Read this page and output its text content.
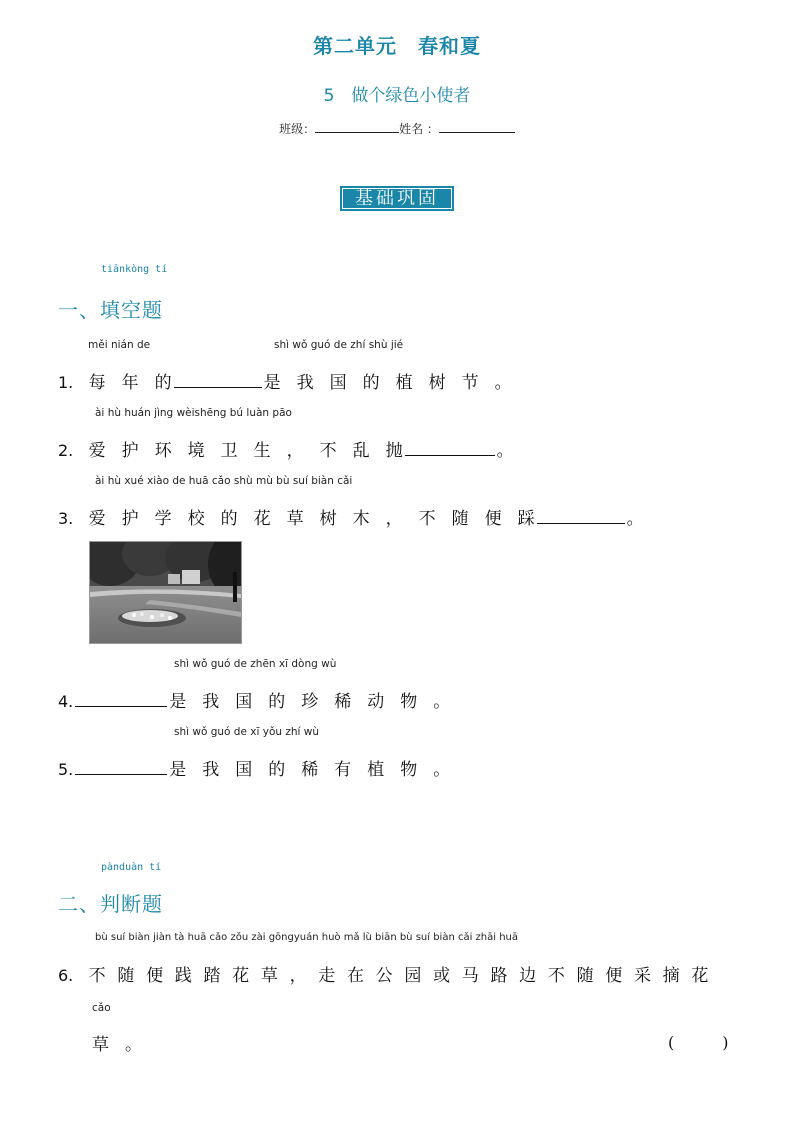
第二单元　春和夏
5　做个绿色小使者
班级：	姓名 ：
基础巩固
tiānkòng tí
一、填空题
měi nián de	shì wǒ guó de zhí shù jié
1. 每年的	是我国的植树节。
ài hù huán jìng wèishēng bú luàn pāo
2. 爱护环境卫生，不乱抛	。
ài hù xué xiào de huā cǎo shù mù bù suí biàn cǎi
3. 爱护学校的花草树木，不随便踩	。
shì wǒ guó de zhēn xī dòng wù
4.	是我国的珍稀动物。
shì wǒ guó de xī yǒu zhí wù
5.	是我国的稀有植物。
pànduàn tí
二、判断题
bù suí biàn jiàn tà huā cǎo zǒu zài gōngyuán huò mǎ lù biān bù suí biàn cǎi zhāi huā
6. 不随便践踏花草，走在公园或马路边不随便采摘花
cǎo
草。	(　　　)
